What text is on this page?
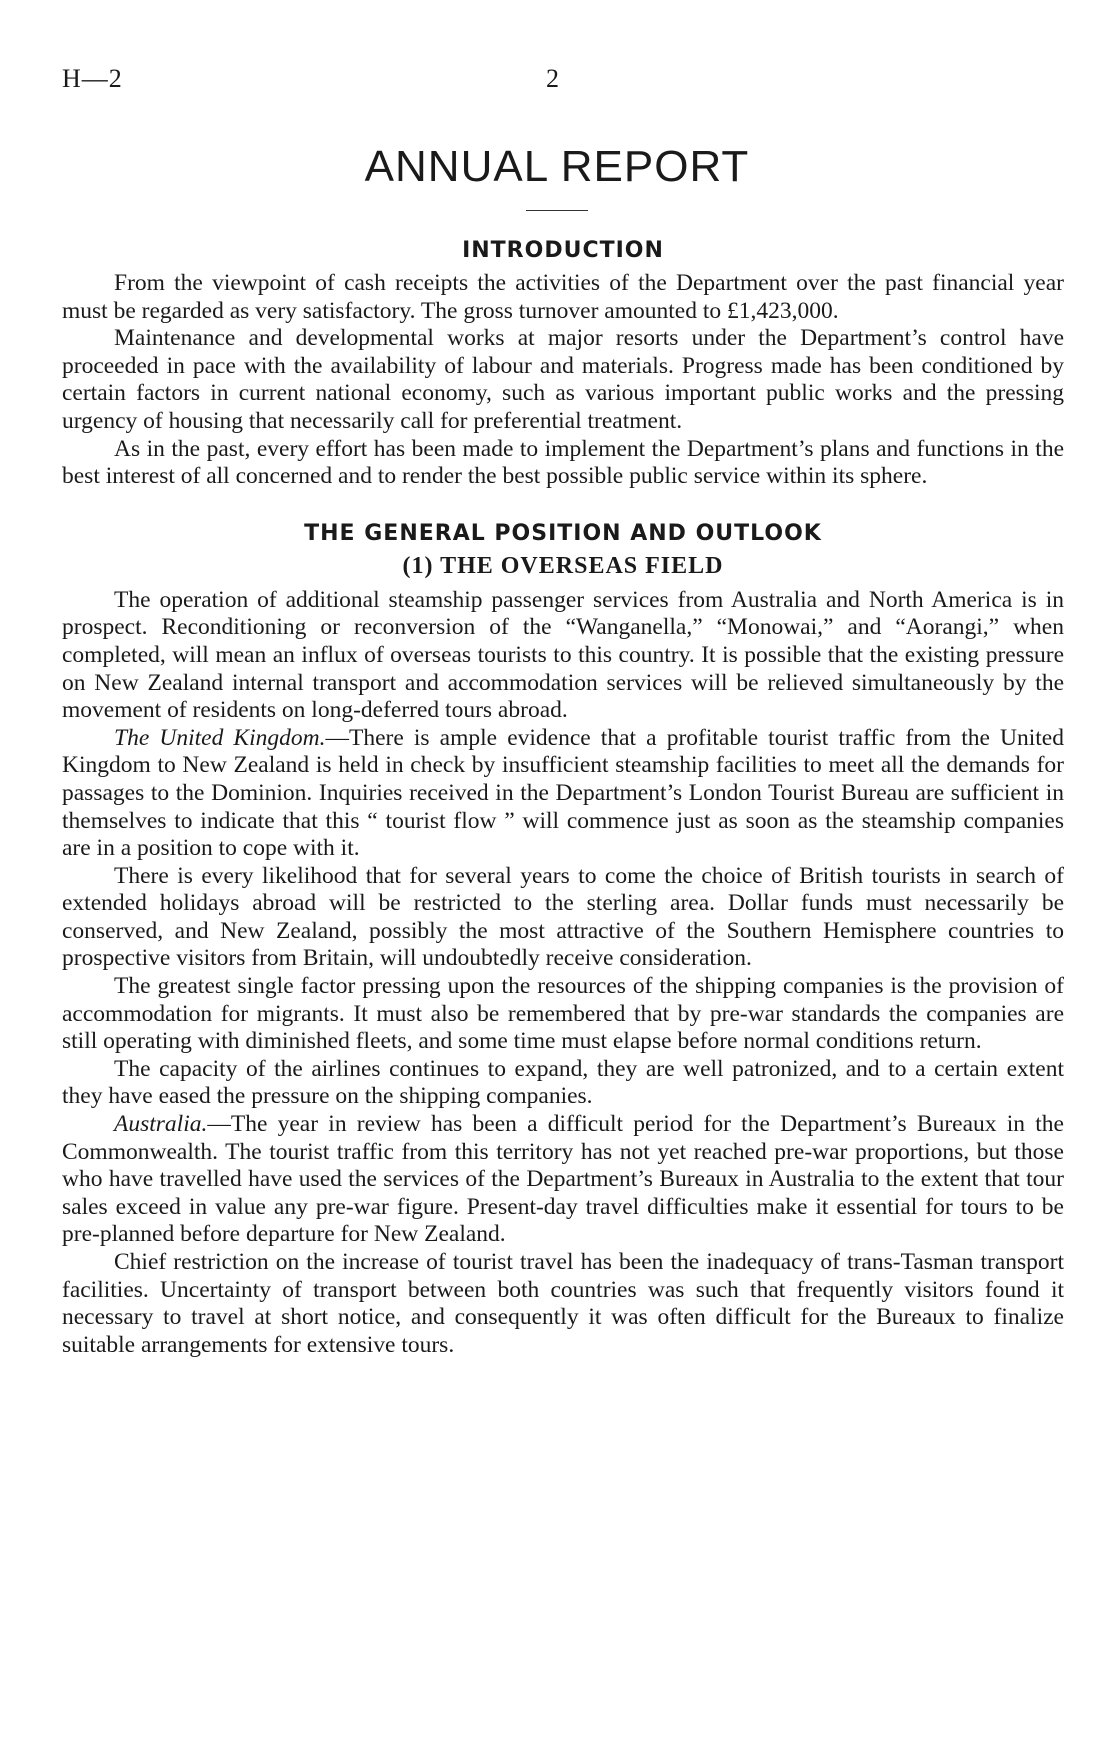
H—2	2
ANNUAL REPORT
INTRODUCTION

From the viewpoint of cash receipts the activities of the Department over the past financial year must be regarded as very satisfactory. The gross turnover amounted to £1,423,000.

Maintenance and developmental works at major resorts under the Department’s control have proceeded in pace with the availability of labour and materials. Progress made has been conditioned by certain factors in current national economy, such as various important public works and the pressing urgency of housing that necessarily call for preferential treatment.

As in the past, every effort has been made to implement the Department’s plans and functions in the best interest of all concerned and to render the best possible public service within its sphere.

THE GENERAL POSITION AND OUTLOOK
(1) THE OVERSEAS FIELD

The operation of additional steamship passenger services from Australia and North America is in prospect. Reconditioning or reconversion of the “Wanganella,” “Monowai,” and “Aorangi,” when completed, will mean an influx of overseas tourists to this country. It is possible that the existing pressure on New Zealand internal transport and accommodation services will be relieved simultaneously by the movement of residents on long-deferred tours abroad.

The United Kingdom.—There is ample evidence that a profitable tourist traffic from the United Kingdom to New Zealand is held in check by insufficient steamship facilities to meet all the demands for passages to the Dominion. Inquiries received in the Department’s London Tourist Bureau are sufficient in themselves to indicate that this “ tourist flow ” will commence just as soon as the steamship companies are in a position to cope with it.

There is every likelihood that for several years to come the choice of British tourists in search of extended holidays abroad will be restricted to the sterling area. Dollar funds must necessarily be conserved, and New Zealand, possibly the most attractive of the Southern Hemisphere countries to prospective visitors from Britain, will undoubtedly receive consideration.

The greatest single factor pressing upon the resources of the shipping companies is the provision of accommodation for migrants. It must also be remembered that by pre-war standards the companies are still operating with diminished fleets, and some time must elapse before normal conditions return.

The capacity of the airlines continues to expand, they are well patronized, and to a certain extent they have eased the pressure on the shipping companies.

Australia.—The year in review has been a difficult period for the Department’s Bureaux in the Commonwealth. The tourist traffic from this territory has not yet reached pre-war proportions, but those who have travelled have used the services of the Department’s Bureaux in Australia to the extent that tour sales exceed in value any pre-war figure. Present-day travel difficulties make it essential for tours to be pre-planned before departure for New Zealand.

Chief restriction on the increase of tourist travel has been the inadequacy of trans-Tasman transport facilities. Uncertainty of transport between both countries was such that frequently visitors found it necessary to travel at short notice, and consequently it was often difficult for the Bureaux to finalize suitable arrangements for extensive tours.
